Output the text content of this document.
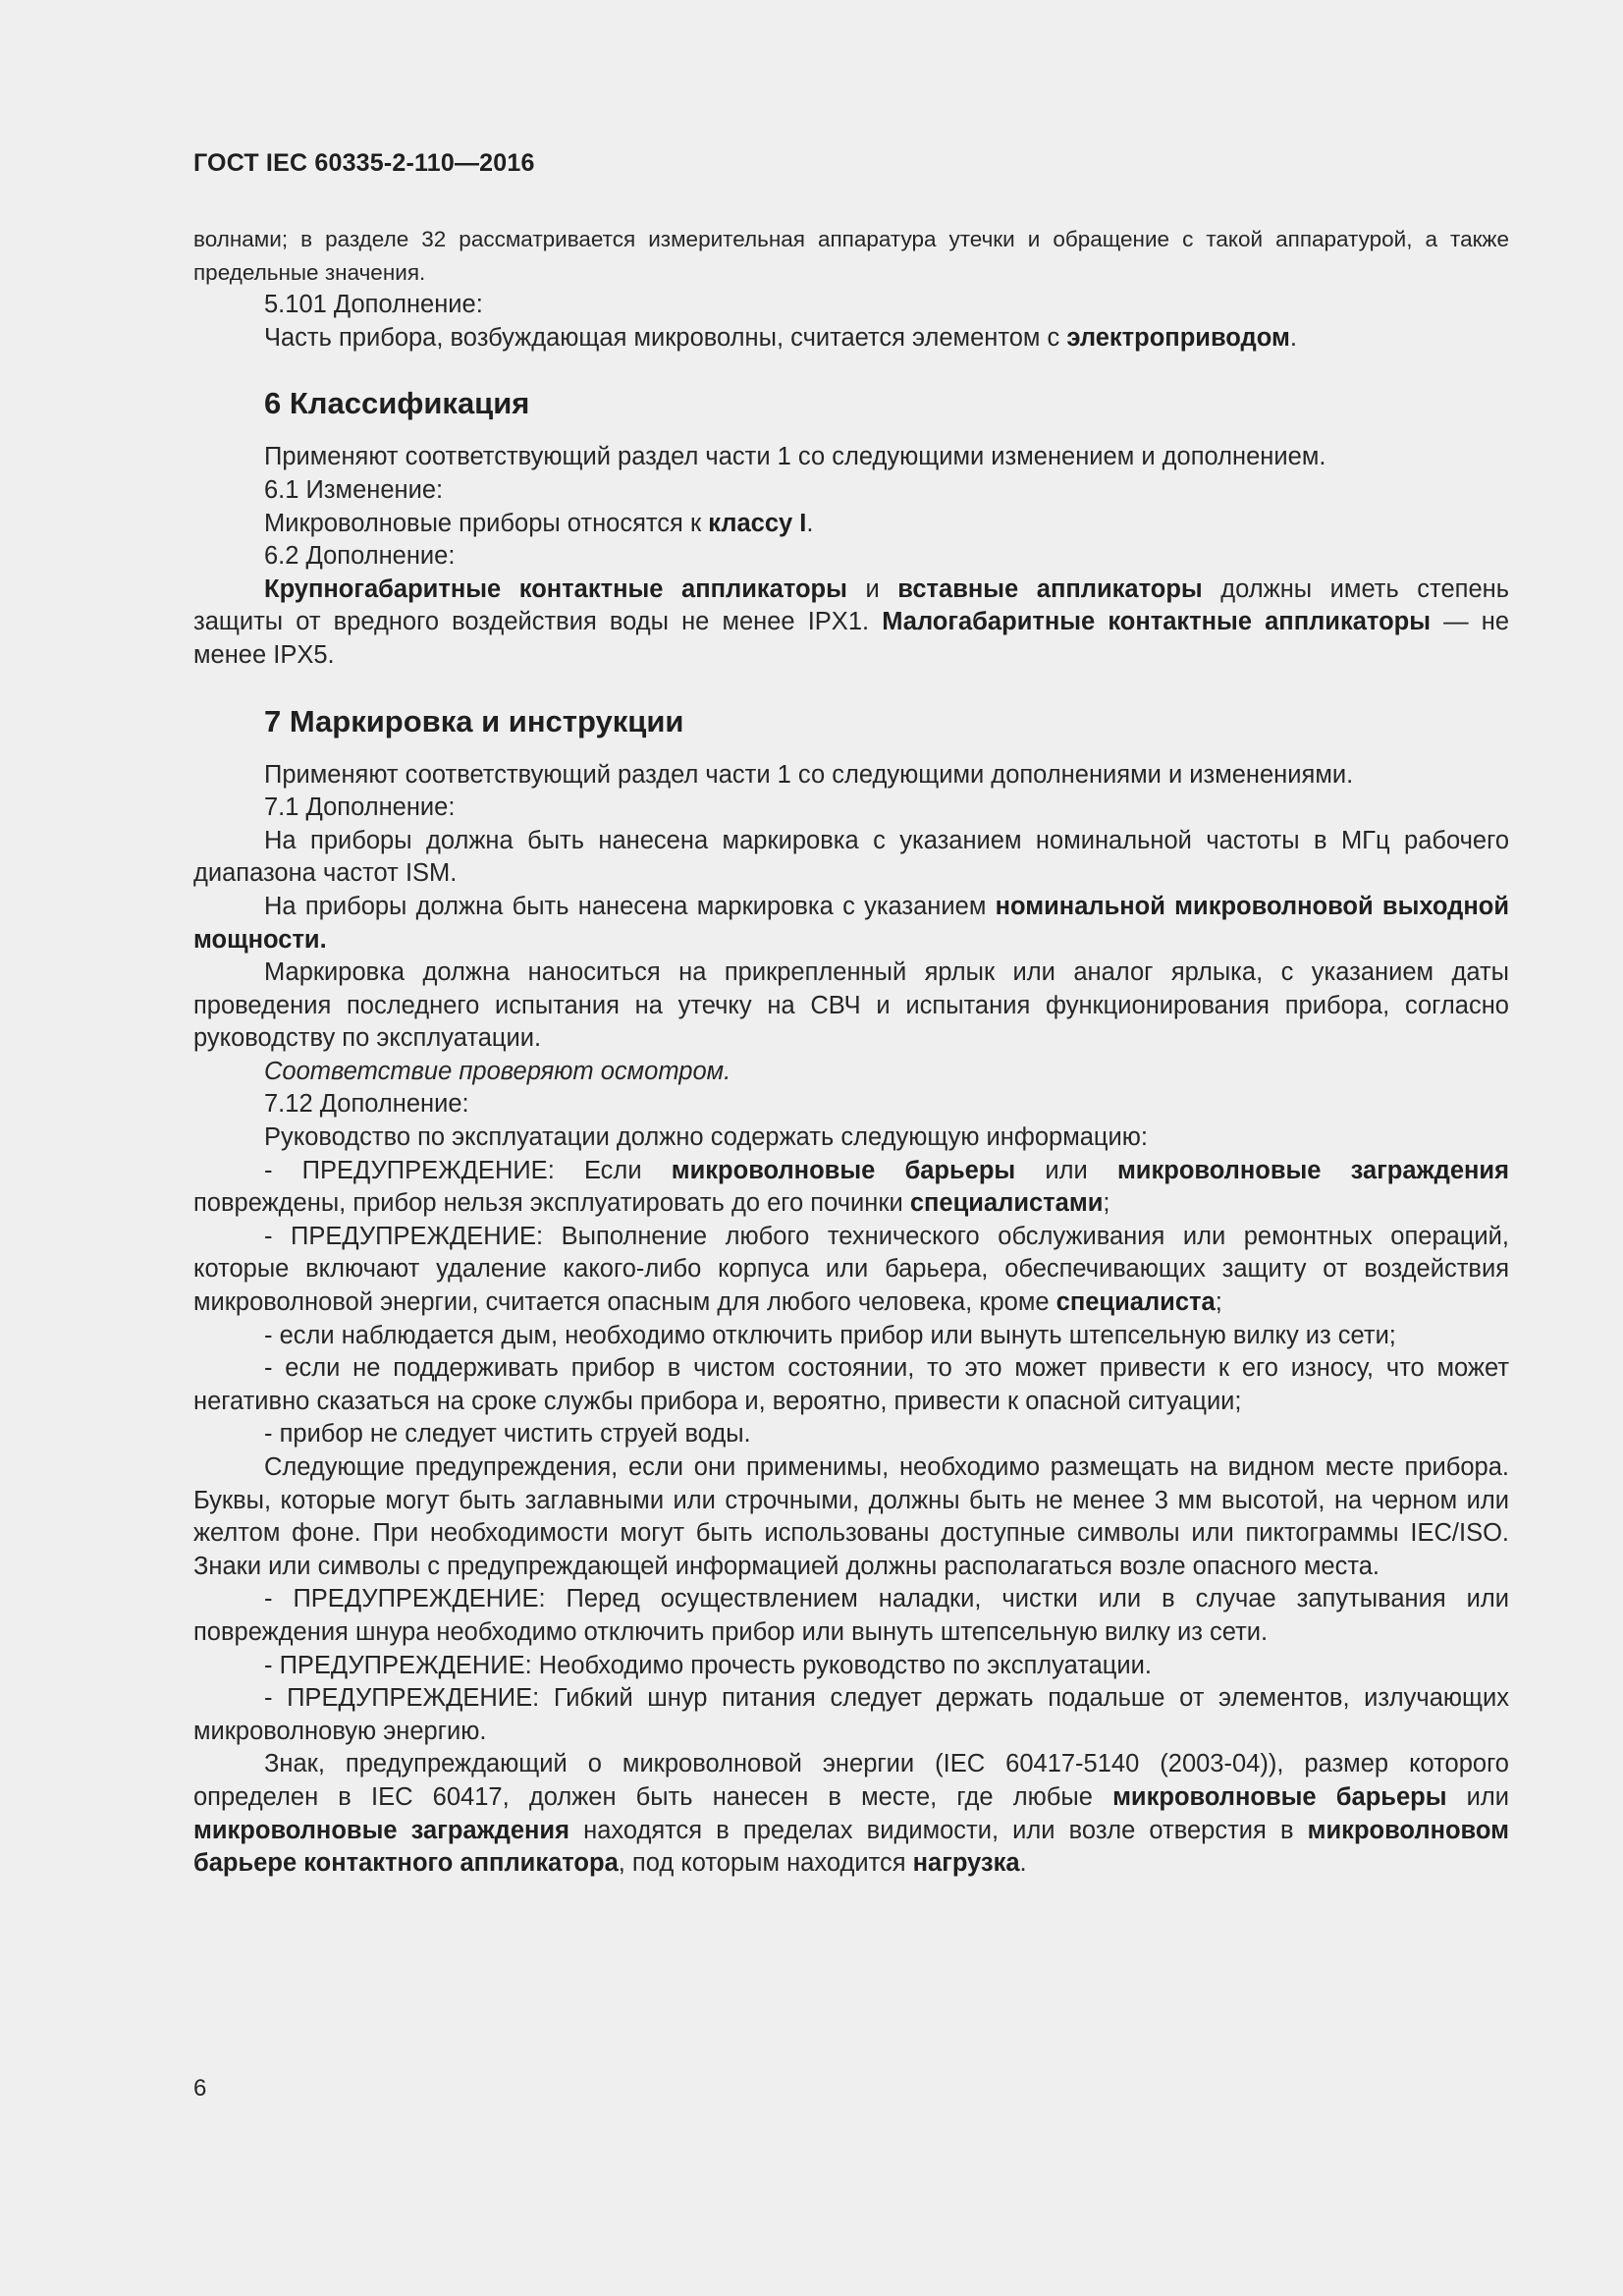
ГОСТ IEC 60335-2-110—2016

волнами; в разделе 32 рассматривается измерительная аппаратура утечки и обращение с такой аппаратурой, а также предельные значения.

5.101 Дополнение:

Часть прибора, возбуждающая микроволны, считается элементом с электроприводом.

6 Классификация

Применяют соответствующий раздел части 1 со следующими изменением и дополнением.

6.1 Изменение:

Микроволновые приборы относятся к классу I.

6.2 Дополнение:

Крупногабаритные контактные аппликаторы и вставные аппликаторы должны иметь степень защиты от вредного воздействия воды не менее IPX1. Малогабаритные контактные аппликаторы — не менее IPX5.

7 Маркировка и инструкции

Применяют соответствующий раздел части 1 со следующими дополнениями и изменениями.

7.1 Дополнение:

На приборы должна быть нанесена маркировка с указанием номинальной частоты в МГц рабочего диапазона частот ISM.

На приборы должна быть нанесена маркировка с указанием номинальной микроволновой выходной мощности.

Маркировка должна наноситься на прикрепленный ярлык или аналог ярлыка, с указанием даты проведения последнего испытания на утечку на СВЧ и испытания функционирования прибора, согласно руководству по эксплуатации.

Соответствие проверяют осмотром.

7.12 Дополнение:

Руководство по эксплуатации должно содержать следующую информацию:

- ПРЕДУПРЕЖДЕНИЕ: Если микроволновые барьеры или микроволновые заграждения повреждены, прибор нельзя эксплуатировать до его починки специалистами;

- ПРЕДУПРЕЖДЕНИЕ: Выполнение любого технического обслуживания или ремонтных операций, которые включают удаление какого-либо корпуса или барьера, обеспечивающих защиту от воздействия микроволновой энергии, считается опасным для любого человека, кроме специалиста;

- если наблюдается дым, необходимо отключить прибор или вынуть штепсельную вилку из сети;

- если не поддерживать прибор в чистом состоянии, то это может привести к его износу, что может негативно сказаться на сроке службы прибора и, вероятно, привести к опасной ситуации;

- прибор не следует чистить струей воды.

Следующие предупреждения, если они применимы, необходимо размещать на видном месте прибора. Буквы, которые могут быть заглавными или строчными, должны быть не менее 3 мм высотой, на черном или желтом фоне. При необходимости могут быть использованы доступные символы или пиктограммы IEC/ISO. Знаки или символы с предупреждающей информацией должны располагаться возле опасного места.

- ПРЕДУПРЕЖДЕНИЕ: Перед осуществлением наладки, чистки или в случае запутывания или повреждения шнура необходимо отключить прибор или вынуть штепсельную вилку из сети.

- ПРЕДУПРЕЖДЕНИЕ: Необходимо прочесть руководство по эксплуатации.

- ПРЕДУПРЕЖДЕНИЕ: Гибкий шнур питания следует держать подальше от элементов, излучающих микроволновую энергию.

Знак, предупреждающий о микроволновой энергии (IEC 60417-5140 (2003-04)), размер которого определен в IEC 60417, должен быть нанесен в месте, где любые микроволновые барьеры или микроволновые заграждения находятся в пределах видимости, или возле отверстия в микроволновом барьере контактного аппликатора, под которым находится нагрузка.

6
